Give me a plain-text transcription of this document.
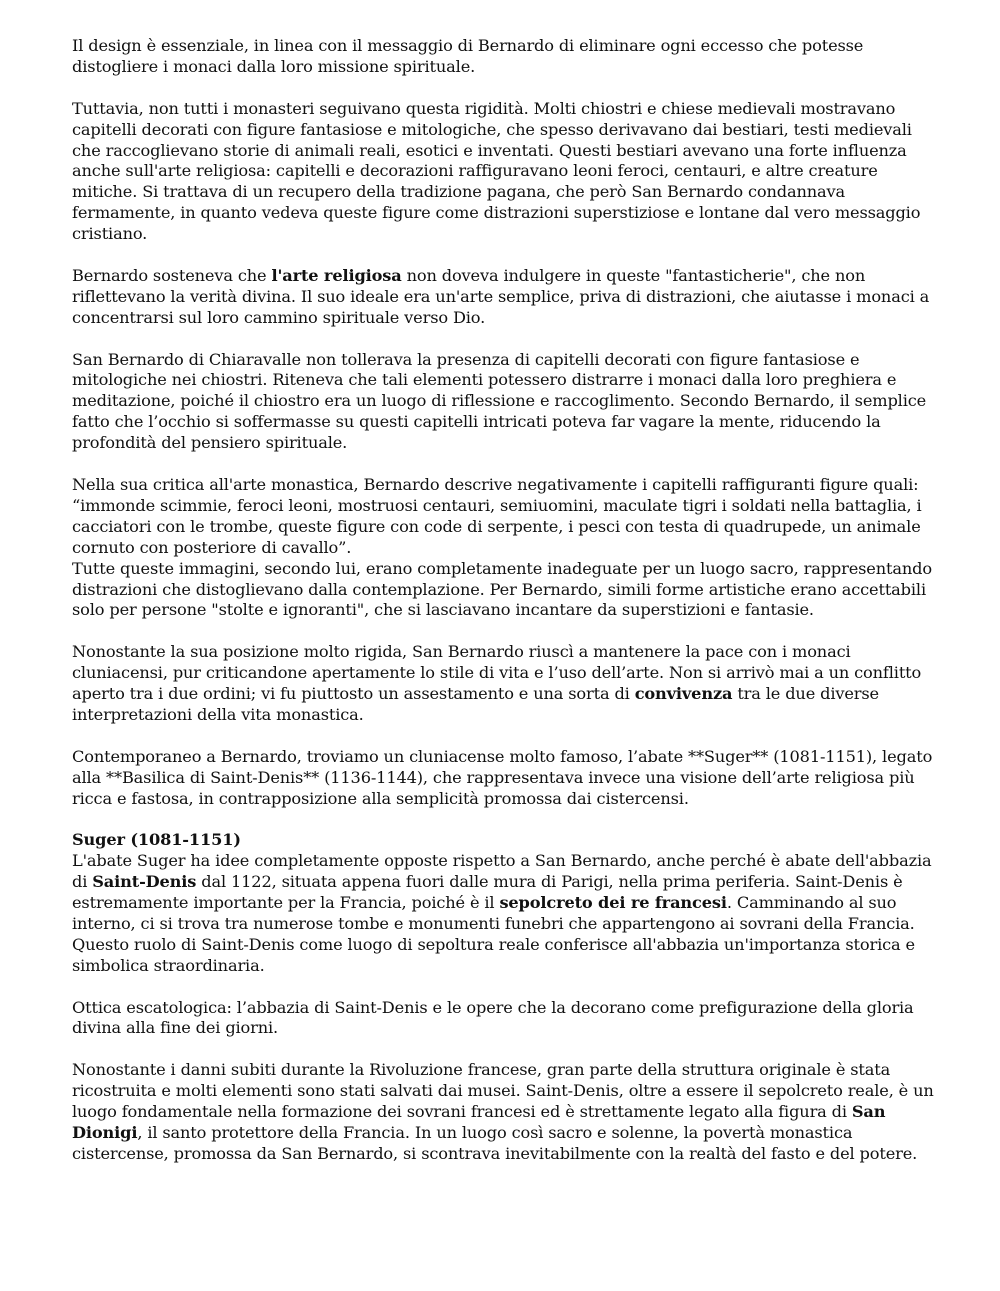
Il design è essenziale, in linea con il messaggio di Bernardo di eliminare ogni eccesso che potesse distogliere i monaci dalla loro missione spirituale.

Tuttavia, non tutti i monasteri seguivano questa rigidità. Molti chiostri e chiese medievali mostravano capitelli decorati con figure fantasiose e mitologiche, che spesso derivavano dai bestiari, testi medievali che raccoglievano storie di animali reali, esotici e inventati. Questi bestiari avevano una forte influenza anche sull'arte religiosa: capitelli e decorazioni raffiguravano leoni feroci, centauri, e altre creature mitiche. Si trattava di un recupero della tradizione pagana, che però San Bernardo condannava fermamente, in quanto vedeva queste figure come distrazioni superstiziose e lontane dal vero messaggio cristiano.

Bernardo sosteneva che l'arte religiosa non doveva indulgere in queste "fantasticherie", che non riflettevano la verità divina. Il suo ideale era un'arte semplice, priva di distrazioni, che aiutasse i monaci a concentrarsi sul loro cammino spirituale verso Dio.

San Bernardo di Chiaravalle non tollerava la presenza di capitelli decorati con figure fantasiose e mitologiche nei chiostri. Riteneva che tali elementi potessero distrarre i monaci dalla loro preghiera e meditazione, poiché il chiostro era un luogo di riflessione e raccoglimento. Secondo Bernardo, il semplice fatto che l’occhio si soffermasse su questi capitelli intricati poteva far vagare la mente, riducendo la profondità del pensiero spirituale.

Nella sua critica all'arte monastica, Bernardo descrive negativamente i capitelli raffiguranti figure quali: “immonde scimmie, feroci leoni, mostruosi centauri, semiuomini, maculate tigri i soldati nella battaglia, i cacciatori con le trombe, queste figure con code di serpente, i pesci con testa di quadrupede, un animale cornuto con posteriore di cavallo”.

Tutte queste immagini, secondo lui, erano completamente inadeguate per un luogo sacro, rappresentando distrazioni che distoglievano dalla contemplazione. Per Bernardo, simili forme artistiche erano accettabili solo per persone "stolte e ignoranti", che si lasciavano incantare da superstizioni e fantasie.

Nonostante la sua posizione molto rigida, San Bernardo riuscì a mantenere la pace con i monaci cluniacensi, pur criticandone apertamente lo stile di vita e l’uso dell’arte. Non si arrivò mai a un conflitto aperto tra i due ordini; vi fu piuttosto un assestamento e una sorta di convivenza tra le due diverse interpretazioni della vita monastica.

Contemporaneo a Bernardo, troviamo un cluniacense molto famoso, l’abate **Suger** (1081-1151), legato alla **Basilica di Saint-Denis** (1136-1144), che rappresentava invece una visione dell’arte religiosa più ricca e fastosa, in contrapposizione alla semplicità promossa dai cistercensi.

Suger (1081-1151)

L'abate Suger ha idee completamente opposte rispetto a San Bernardo, anche perché è abate dell'abbazia di Saint-Denis dal 1122, situata appena fuori dalle mura di Parigi, nella prima periferia. Saint-Denis è estremamente importante per la Francia, poiché è il sepolcreto dei re francesi. Camminando al suo interno, ci si trova tra numerose tombe e monumenti funebri che appartengono ai sovrani della Francia. Questo ruolo di Saint-Denis come luogo di sepoltura reale conferisce all'abbazia un'importanza storica e simbolica straordinaria.

Ottica escatologica: l’abbazia di Saint-Denis e le opere che la decorano come prefigurazione della gloria divina alla fine dei giorni.

Nonostante i danni subiti durante la Rivoluzione francese, gran parte della struttura originale è stata ricostruita e molti elementi sono stati salvati dai musei. Saint-Denis, oltre a essere il sepolcreto reale, è un luogo fondamentale nella formazione dei sovrani francesi ed è strettamente legato alla figura di San Dionigi, il santo protettore della Francia. In un luogo così sacro e solenne, la povertà monastica cistercense, promossa da San Bernardo, si scontrava inevitabilmente con la realtà del fasto e del potere.
